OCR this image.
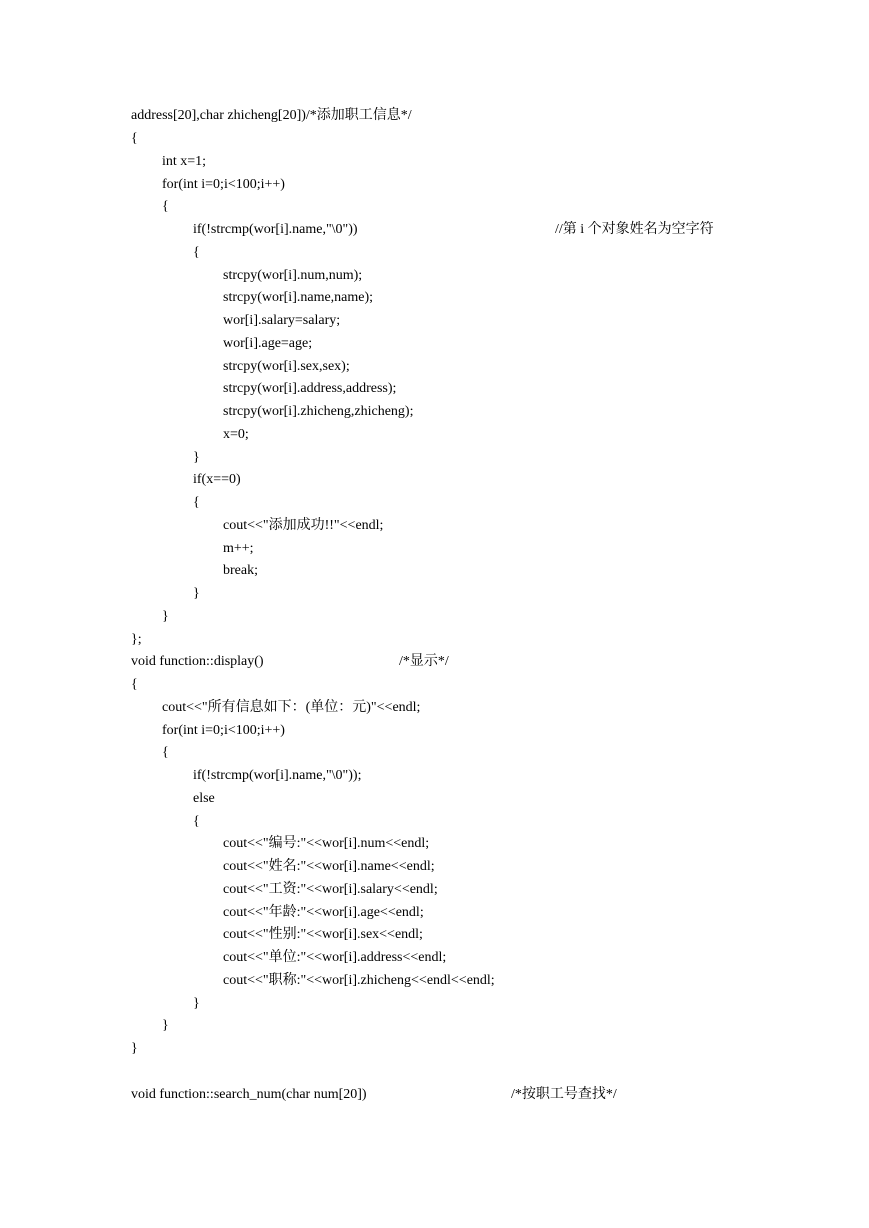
address[20],char zhicheng[20])/*添加职工信息*/
{
int x=1;
for(int i=0;i<100;i++)
{
if(!strcmp(wor[i].name,"\0"))	//第 i 个对象姓名为空字符
{
strcpy(wor[i].num,num);
strcpy(wor[i].name,name);
wor[i].salary=salary;
wor[i].age=age;
strcpy(wor[i].sex,sex);
strcpy(wor[i].address,address);
strcpy(wor[i].zhicheng,zhicheng);
x=0;
}
if(x==0)
{
cout<<"添加成功!!"<<endl;
m++;
break;
}
}
};
void function::display()	/*显示*/
{
cout<<"所有信息如下：(单位：元)"<<endl;
for(int i=0;i<100;i++)
{
if(!strcmp(wor[i].name,"\0"));
else
{
cout<<"编号:"<<wor[i].num<<endl;
cout<<"姓名:"<<wor[i].name<<endl;
cout<<"工资:"<<wor[i].salary<<endl;
cout<<"年龄:"<<wor[i].age<<endl;
cout<<"性别:"<<wor[i].sex<<endl;
cout<<"单位:"<<wor[i].address<<endl;
cout<<"职称:"<<wor[i].zhicheng<<endl<<endl;
}
}
}
void function::search_num(char num[20])	/*按职工号查找*/
